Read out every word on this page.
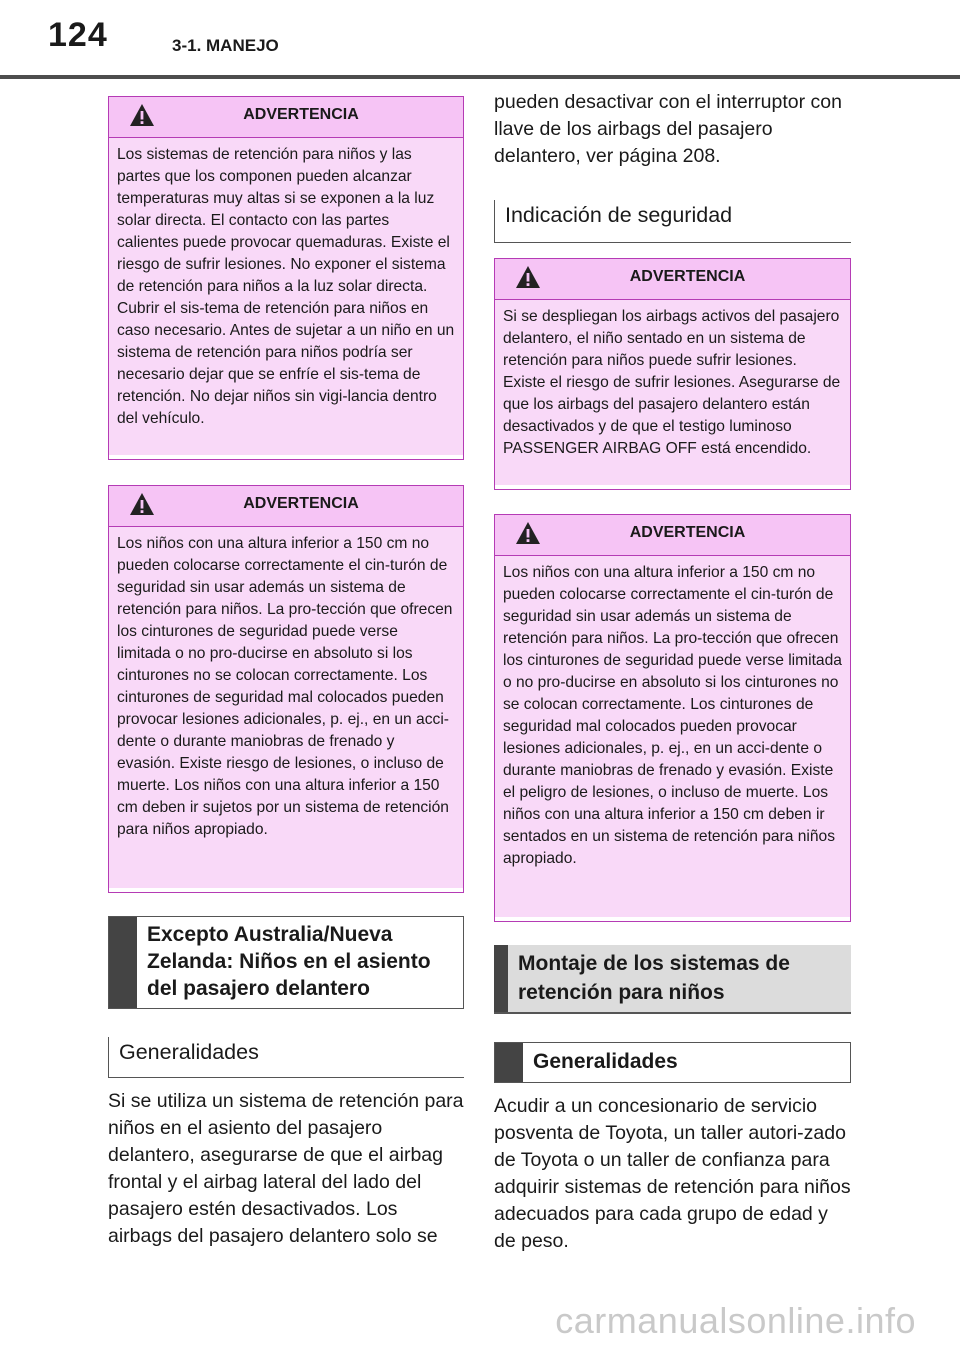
124	3-1. MANEJO
ADVERTENCIA
Los sistemas de retención para niños y las partes que los componen pueden alcanzar temperaturas muy altas si se exponen a la luz solar directa. El contacto con las partes calientes puede provocar quemaduras. Existe el riesgo de sufrir lesiones. No exponer el sistema de retención para niños a la luz solar directa. Cubrir el sis-tema de retención para niños en caso necesario. Antes de sujetar a un niño en un sistema de retención para niños podría ser necesario dejar que se enfríe el sis-tema de retención. No dejar niños sin vigi-lancia dentro del vehículo.
ADVERTENCIA
Los niños con una altura inferior a 150 cm no pueden colocarse correctamente el cin-turón de seguridad sin usar además un sistema de retención para niños. La pro-tección que ofrecen los cinturones de seguridad puede verse limitada o no pro-ducirse en absoluto si los cinturones no se colocan correctamente. Los cinturones de seguridad mal colocados pueden provocar lesiones adicionales, p. ej., en un acci-dente o durante maniobras de frenado y evasión. Existe riesgo de lesiones, o incluso de muerte. Los niños con una altura inferior a 150 cm deben ir sujetos por un sistema de retención para niños apropiado.
Excepto Australia/Nueva Zelanda: Niños en el asiento del pasajero delantero
Generalidades
Si se utiliza un sistema de retención para niños en el asiento del pasajero delantero, asegurarse de que el airbag frontal y el airbag lateral del lado del pasajero estén desactivados. Los airbags del pasajero delantero solo se
pueden desactivar con el interruptor con llave de los airbags del pasajero delantero, ver página 208.
Indicación de seguridad
ADVERTENCIA
Si se despliegan los airbags activos del pasajero delantero, el niño sentado en un sistema de retención para niños puede sufrir lesiones. Existe el riesgo de sufrir lesiones. Asegurarse de que los airbags del pasajero delantero están desactivados y de que el testigo luminoso PASSENGER AIRBAG OFF está encendido.
ADVERTENCIA
Los niños con una altura inferior a 150 cm no pueden colocarse correctamente el cin-turón de seguridad sin usar además un sistema de retención para niños. La pro-tección que ofrecen los cinturones de seguridad puede verse limitada o no pro-ducirse en absoluto si los cinturones no se colocan correctamente. Los cinturones de seguridad mal colocados pueden provocar lesiones adicionales, p. ej., en un acci-dente o durante maniobras de frenado y evasión. Existe el peligro de lesiones, o incluso de muerte. Los niños con una altura inferior a 150 cm deben ir sentados en un sistema de retención para niños apropiado.
Montaje de los sistemas de retención para niños
Generalidades
Acudir a un concesionario de servicio posventa de Toyota, un taller autori-zado de Toyota o un taller de confianza para adquirir sistemas de retención para niños adecuados para cada grupo de edad y de peso.
carmanualsonline.info
